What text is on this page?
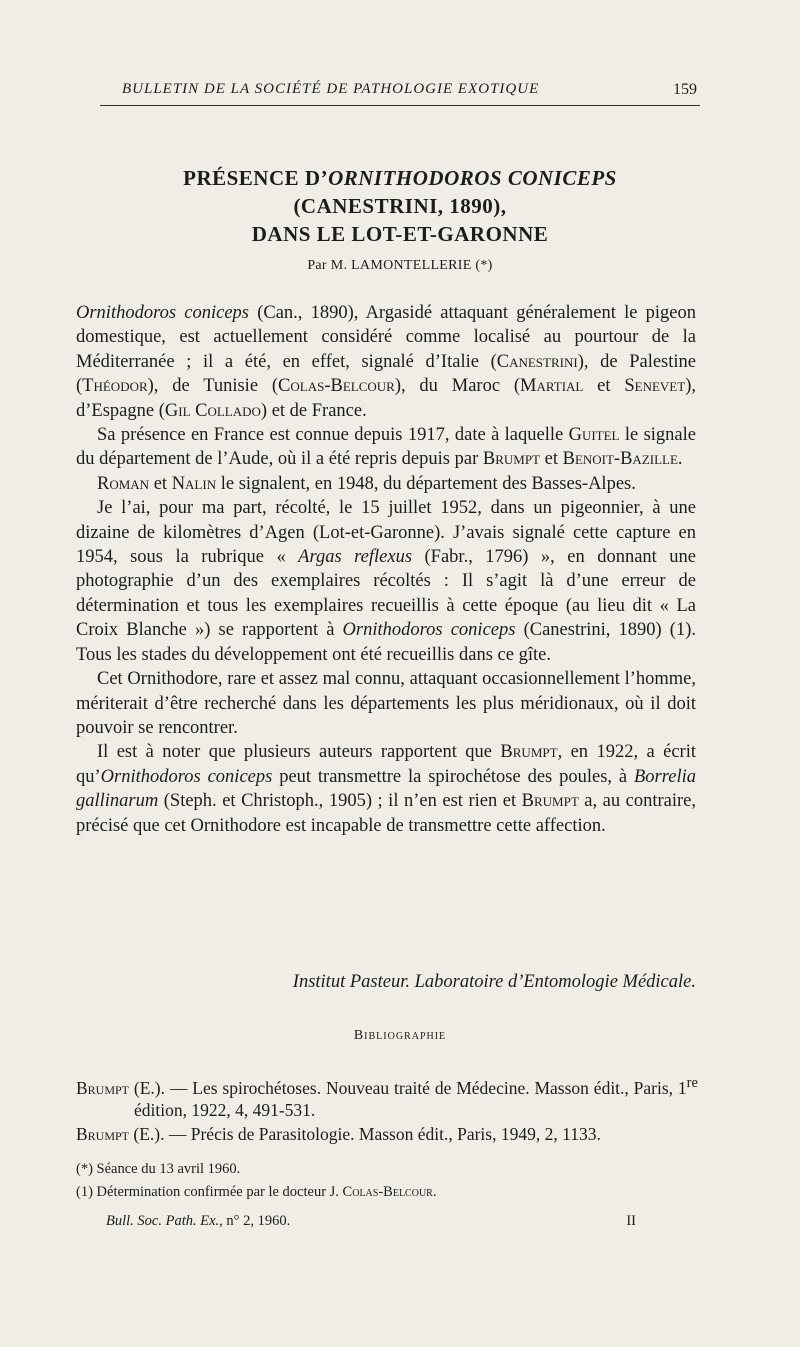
BULLETIN DE LA SOCIÉTÉ DE PATHOLOGIE EXOTIQUE	159
PRÉSENCE D’ORNITHODOROS CONICEPS
(CANESTRINI, 1890),
DANS LE LOT-ET-GARONNE
Par M. LAMONTELLERIE (*)

Ornithodoros coniceps (Can., 1890), Argasidé attaquant généralement le pigeon domestique, est actuellement considéré comme localisé au pourtour de la Méditerranée ; il a été, en effet, signalé d’Italie (Canestrini), de Palestine (Théodor), de Tunisie (Colas-Belcour), du Maroc (Martial et Senevet), d’Espagne (Gil Collado) et de France.

Sa présence en France est connue depuis 1917, date à laquelle Guitel le signale du département de l’Aude, où il a été repris depuis par Brumpt et Benoit-Bazille.

Roman et Nalin le signalent, en 1948, du département des Basses-Alpes.

Je l’ai, pour ma part, récolté, le 15 juillet 1952, dans un pigeonnier, à une dizaine de kilomètres d’Agen (Lot-et-Garonne). J’avais signalé cette capture en 1954, sous la rubrique « Argas reflexus (Fabr., 1796) », en donnant une photographie d’un des exemplaires récoltés : Il s’agit là d’une erreur de détermination et tous les exemplaires recueillis à cette époque (au lieu dit « La Croix Blanche ») se rapportent à Ornithodoros coniceps (Canestrini, 1890) (1). Tous les stades du développement ont été recueillis dans ce gîte.

Cet Ornithodore, rare et assez mal connu, attaquant occasionnellement l’homme, mériterait d’être recherché dans les départements les plus méridionaux, où il doit pouvoir se rencontrer.

Il est à noter que plusieurs auteurs rapportent que Brumpt, en 1922, a écrit qu’Ornithodoros coniceps peut transmettre la spirochétose des poules, à Borrelia gallinarum (Steph. et Christoph., 1905) ; il n’en est rien et Brumpt a, au contraire, précisé que cet Ornithodore est incapable de transmettre cette affection.

Institut Pasteur. Laboratoire d’Entomologie Médicale.
Bibliographie

Brumpt (E.). — Les spirochétoses. Nouveau traité de Médecine. Masson édit., Paris, 1re édition, 1922, 4, 491-531.

Brumpt (E.). — Précis de Parasitologie. Masson édit., Paris, 1949, 2, 1133.

(*) Séance du 13 avril 1960.

(1) Détermination confirmée par le docteur J. Colas-Belcour.

Bull. Soc. Path. Ex., n° 2, 1960.	II
